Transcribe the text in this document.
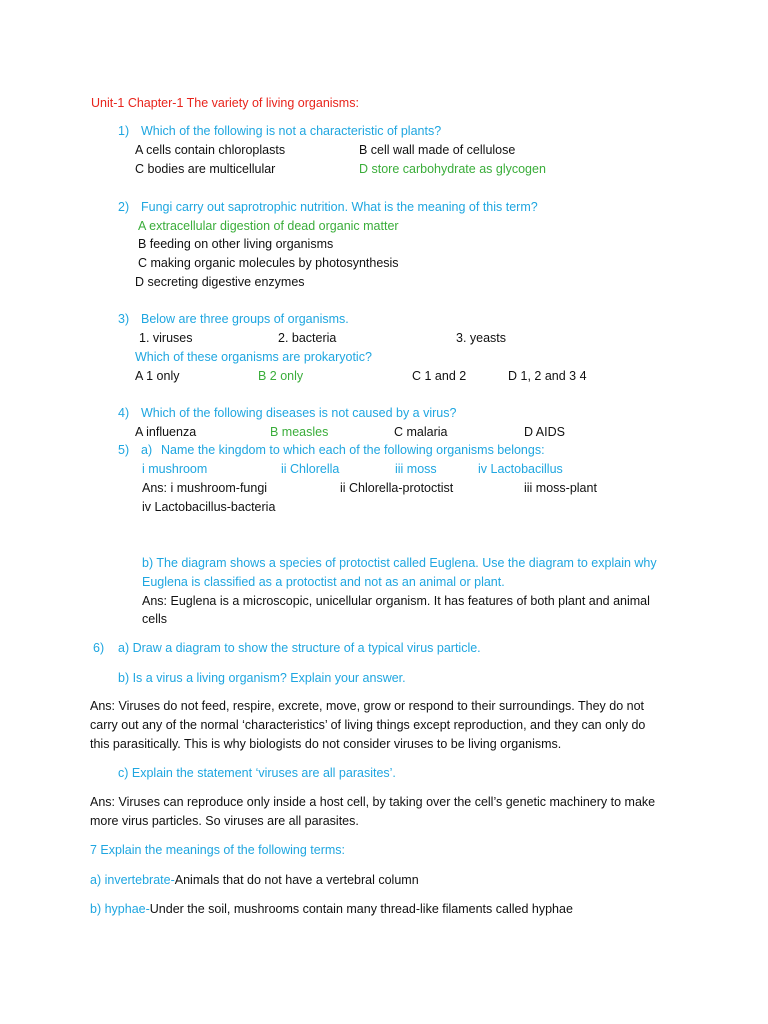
Unit-1 Chapter-1 The variety of living organisms:
1) Which of the following is not a characteristic of plants?
A cells contain chloroplasts	B cell wall made of cellulose
C bodies are multicellular	D store carbohydrate as glycogen
2) Fungi carry out saprotrophic nutrition. What is the meaning of this term?
A extracellular digestion of dead organic matter
B feeding on other living organisms
C making organic molecules by photosynthesis
D secreting digestive enzymes
3) Below are three groups of organisms.
1. viruses	2. bacteria	3. yeasts
Which of these organisms are prokaryotic?
A 1 only	B 2 only	C 1 and 2	D 1, 2 and 3 4
4) Which of the following diseases is not caused by a virus?
A influenza	B measles	C malaria	D AIDS
5) a) Name the kingdom to which each of the following organisms belongs:
i mushroom	ii Chlorella	iii moss	iv Lactobacillus
Ans: i mushroom-fungi	ii Chlorella-protoctist	iii moss-plant
iv Lactobacillus-bacteria
b) The diagram shows a species of protoctist called Euglena. Use the diagram to explain why
Euglena is classified as a protoctist and not as an animal or plant.
Ans: Euglena is a microscopic, unicellular organism. It has features of both plant and animal
cells
6) a) Draw a diagram to show the structure of a typical virus particle.
b) Is a virus a living organism? Explain your answer.
Ans: Viruses do not feed, respire, excrete, move, grow or respond to their surroundings. They do not
carry out any of the normal ‘characteristics’ of living things except reproduction, and they can only do
this parasitically. This is why biologists do not consider viruses to be living organisms.
c) Explain the statement ‘viruses are all parasites’.
Ans: Viruses can reproduce only inside a host cell, by taking over the cell’s genetic machinery to make
more virus particles. So viruses are all parasites.
7 Explain the meanings of the following terms:
a) invertebrate-Animals that do not have a vertebral column
b) hyphae-Under the soil, mushrooms contain many thread-like filaments called hyphae
